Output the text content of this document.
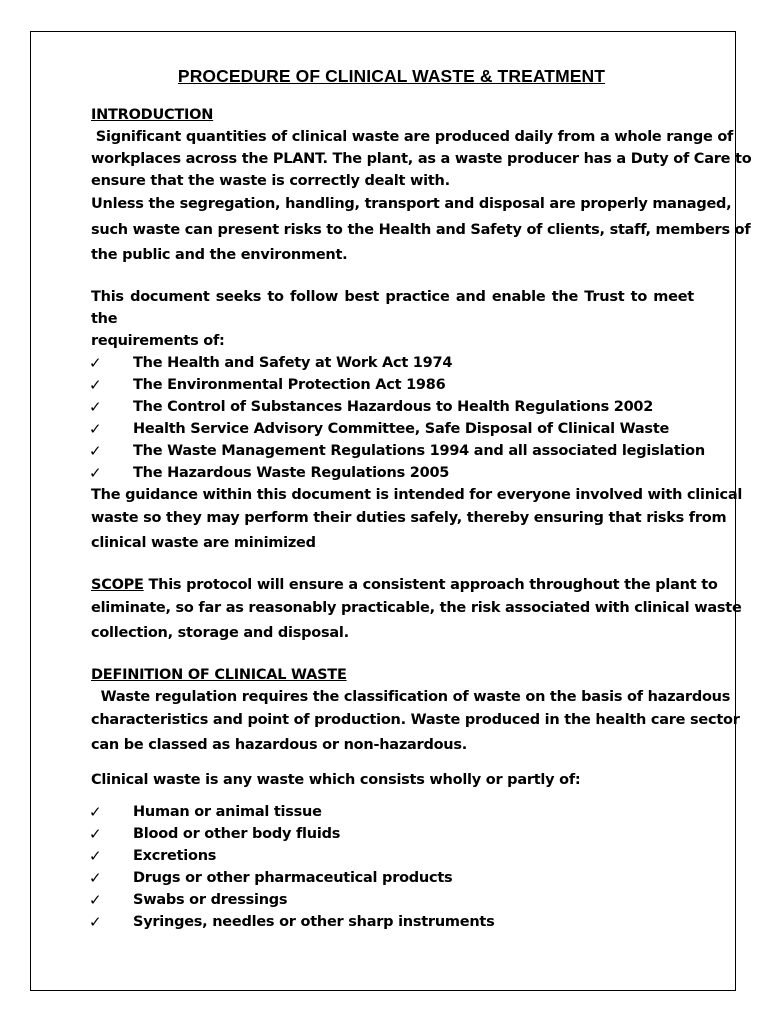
PROCEDURE OF CLINICAL WASTE & TREATMENT
INTRODUCTION
Significant quantities of clinical waste are produced daily from a whole range of
workplaces across the PLANT. The plant, as a waste producer has a Duty of Care to
ensure that the waste is correctly dealt with.
Unless the segregation, handling, transport and disposal are properly managed,
such waste can present risks to the Health and Safety of clients, staff, members of
the public and the environment.
This document seeks to follow best practice and enable the Trust to meet the
requirements of:
✓	The Health and Safety at Work Act 1974
✓	The Environmental Protection Act 1986
✓	The Control of Substances Hazardous to Health Regulations 2002
✓	Health Service Advisory Committee, Safe Disposal of Clinical Waste
✓	The Waste Management Regulations 1994 and all associated legislation
✓	The Hazardous Waste Regulations 2005
The guidance within this document is intended for everyone involved with clinical
waste so they may perform their duties safely, thereby ensuring that risks from
clinical waste are minimized
SCOPE This protocol will ensure a consistent approach throughout the plant to
eliminate, so far as reasonably practicable, the risk associated with clinical waste
collection, storage and disposal.
DEFINITION OF CLINICAL WASTE
Waste regulation requires the classification of waste on the basis of hazardous
characteristics and point of production. Waste produced in the health care sector
can be classed as hazardous or non-hazardous.
Clinical waste is any waste which consists wholly or partly of:
✓	Human or animal tissue
✓	Blood or other body fluids
✓	Excretions
✓	Drugs or other pharmaceutical products
✓	Swabs or dressings
✓	Syringes, needles or other sharp instruments
